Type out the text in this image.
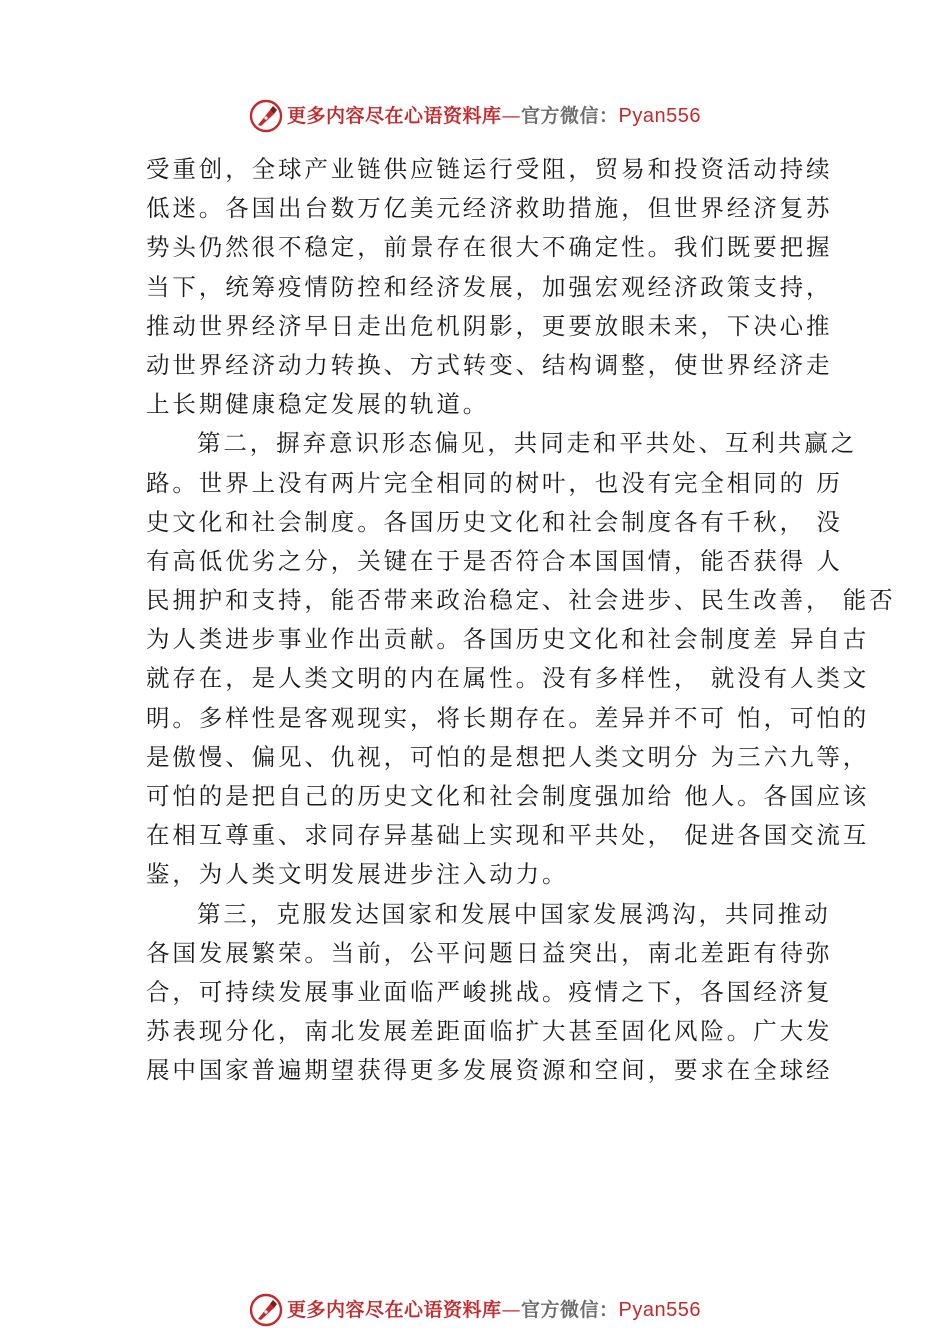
更多内容尽在心语资料库—官方微信：Pyan556
受重创，全球产业链供应链运行受阻，贸易和投资活动持续
低迷。各国出台数万亿美元经济救助措施，但世界经济复苏
势头仍然很不稳定，前景存在很大不确定性。我们既要把握
当下，统筹疫情防控和经济发展，加强宏观经济政策支持，
推动世界经济早日走出危机阴影，更要放眼未来，下决心推
动世界经济动力转换、方式转变、结构调整，使世界经济走
上长期健康稳定发展的轨道。
第二，摒弃意识形态偏见，共同走和平共处、互利共赢之
路。世界上没有两片完全相同的树叶，也没有完全相同的 历
史文化和社会制度。各国历史文化和社会制度各有千秋， 没
有高低优劣之分，关键在于是否符合本国国情，能否获得 人
民拥护和支持，能否带来政治稳定、社会进步、民生改善， 能否
为人类进步事业作出贡献。各国历史文化和社会制度差 异自古
就存在，是人类文明的内在属性。没有多样性， 就没有人类文
明。多样性是客观现实，将长期存在。差异并不可 怕，可怕的
是傲慢、偏见、仇视，可怕的是想把人类文明分 为三六九等，
可怕的是把自己的历史文化和社会制度强加给 他人。各国应该
在相互尊重、求同存异基础上实现和平共处， 促进各国交流互
鉴，为人类文明发展进步注入动力。
第三，克服发达国家和发展中国家发展鸿沟，共同推动
各国发展繁荣。当前，公平问题日益突出，南北差距有待弥
合，可持续发展事业面临严峻挑战。疫情之下，各国经济复
苏表现分化，南北发展差距面临扩大甚至固化风险。广大发
展中国家普遍期望获得更多发展资源和空间，要求在全球经
更多内容尽在心语资料库—官方微信：Pyan556
